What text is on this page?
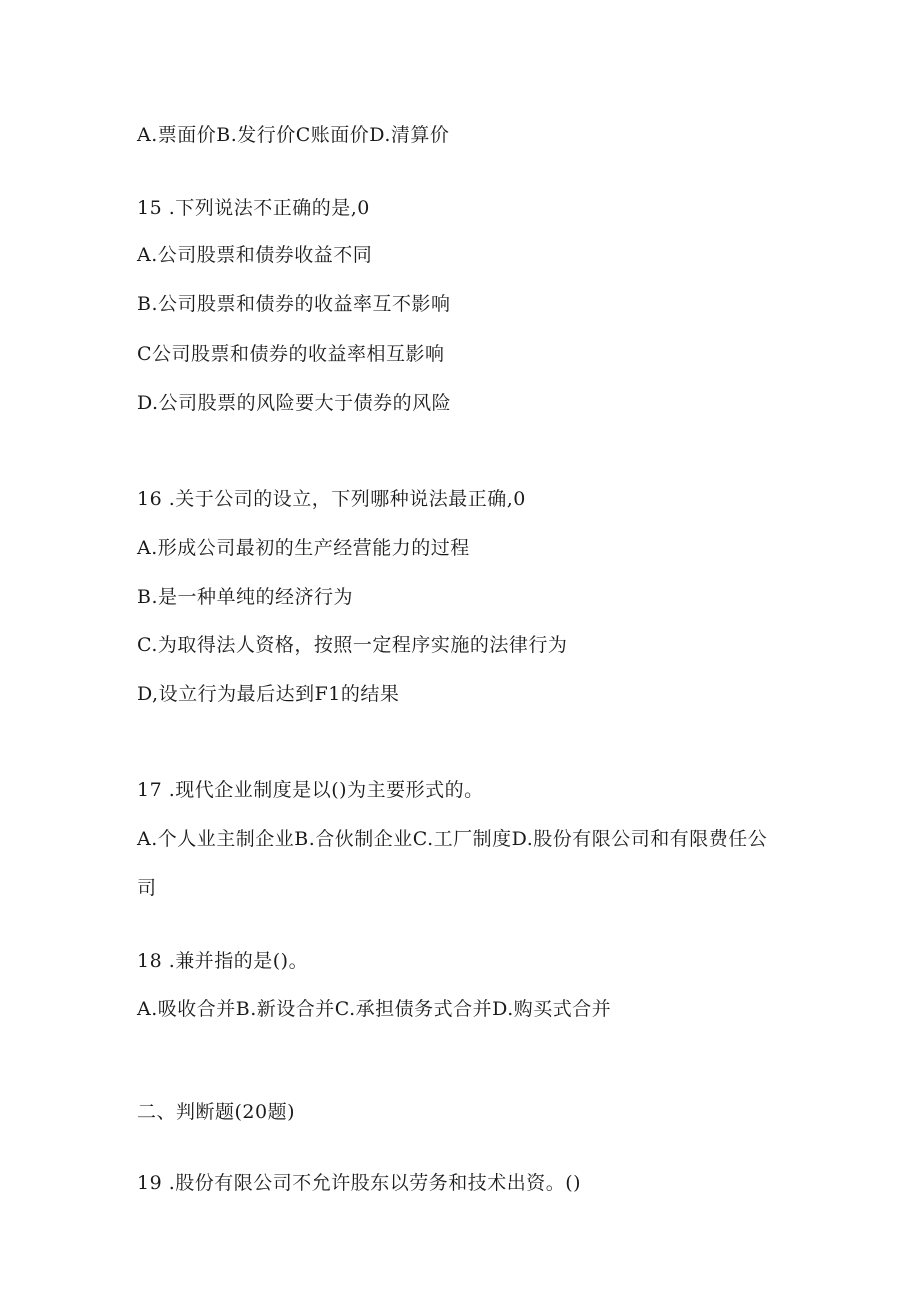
A.票面价B.发行价C账面价D.清算价
15 .下列说法不正确的是,0
A.公司股票和债券收益不同
B.公司股票和债券的收益率互不影响
C公司股票和债券的收益率相互影响
D.公司股票的风险要大于债券的风险
16 .关于公司的设立，下列哪种说法最正确,0
A.形成公司最初的生产经营能力的过程
B.是一种单纯的经济行为
C.为取得法人资格，按照一定程序实施的法律行为
D,设立行为最后达到F1的结果
17 .现代企业制度是以()为主要形式的。
A.个人业主制企业B.合伙制企业C.工厂制度D.股份有限公司和有限费任公
司
18 .兼并指的是()。
A.吸收合并B.新设合并C.承担债务式合并D.购买式合并
二、判断题(20题)
19 .股份有限公司不允许股东以劳务和技术出资。()
